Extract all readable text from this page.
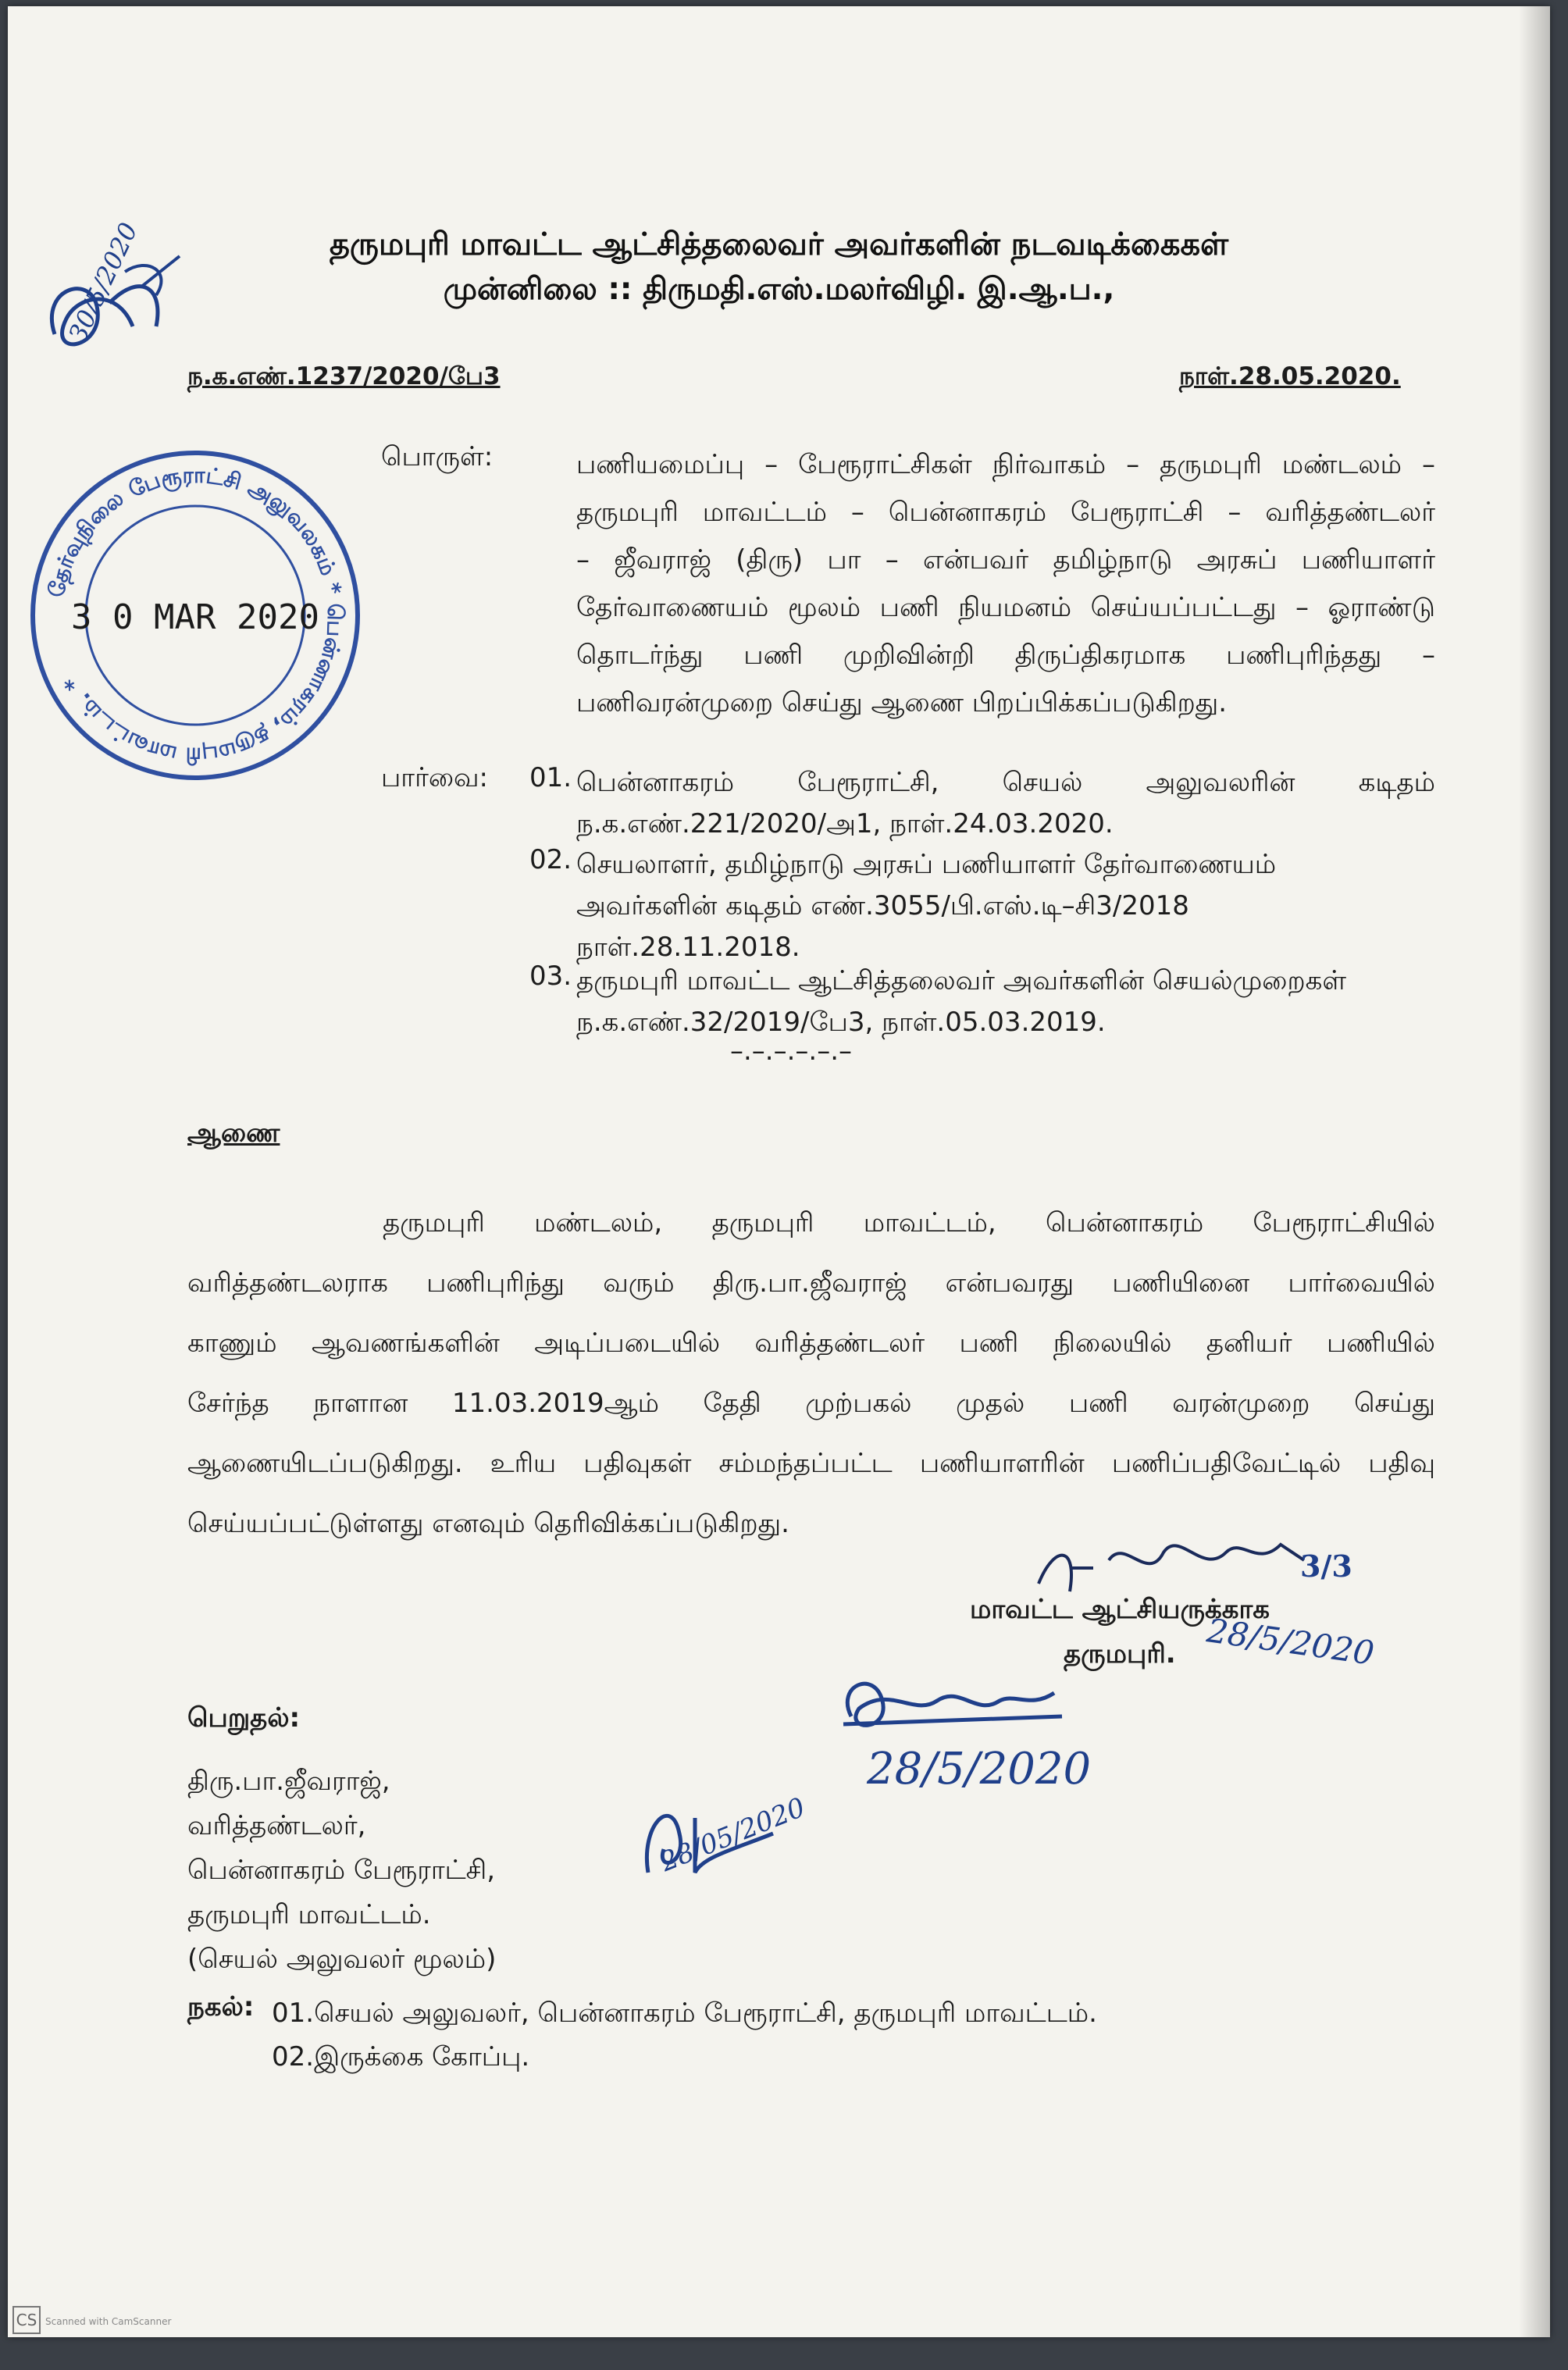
தருமபுரி மாவட்ட ஆட்சித்தலைவர் அவர்களின் நடவடிக்கைகள்
முன்னிலை :: திருமதி.எஸ்.மலர்விழி. இ.ஆ.ப.,
30/5/2020
ந.க.எண்.1237/2020/பே3	நாள்.28.05.2020.
தேர்வுநிலை பேரூராட்சி அலுவலகம் * பென்னாகரம், தருமபுரி மாவட்டம். *
3 0 MAR 2020
பொருள்:	பணியமைப்பு – பேரூராட்சிகள் நிர்வாகம் – தருமபுரி மண்டலம் –
தருமபுரி மாவட்டம் – பென்னாகரம் பேரூராட்சி – வரித்தண்டலர்
– ஜீவராஜ் (திரு) பா – என்பவர் தமிழ்நாடு அரசுப் பணியாளர்
தேர்வாணையம் மூலம் பணி நியமனம் செய்யப்பட்டது – ஓராண்டு
தொடர்ந்து பணி முறிவின்றி திருப்திகரமாக பணிபுரிந்தது –
பணிவரன்முறை செய்து ஆணை பிறப்பிக்கப்படுகிறது.
பார்வை: 01. பென்னாகரம் பேரூராட்சி, செயல் அலுவலரின் கடிதம்
ந.க.எண்.221/2020/அ1, நாள்.24.03.2020.
02. செயலாளர், தமிழ்நாடு அரசுப் பணியாளர் தேர்வாணையம்
அவர்களின் கடிதம் எண்.3055/பி.எஸ்.டி–சி3/2018
நாள்.28.11.2018.
03. தருமபுரி மாவட்ட ஆட்சித்தலைவர் அவர்களின் செயல்முறைகள்
ந.க.எண்.32/2019/பே3, நாள்.05.03.2019.
–.–.–.–.–.–
ஆணை
தருமபுரி மண்டலம், தருமபுரி மாவட்டம், பென்னாகரம் பேரூராட்சியில்
வரித்தண்டலராக பணிபுரிந்து வரும் திரு.பா.ஜீவராஜ் என்பவரது பணியினை பார்வையில்
காணும் ஆவணங்களின் அடிப்படையில் வரித்தண்டலர் பணி நிலையில் தனியர் பணியில்
சேர்ந்த நாளான 11.03.2019ஆம் தேதி முற்பகல் முதல் பணி வரன்முறை செய்து
ஆணையிடப்படுகிறது. உரிய பதிவுகள் சம்மந்தப்பட்ட பணியாளரின் பணிப்பதிவேட்டில் பதிவு
செய்யப்பட்டுள்ளது எனவும் தெரிவிக்கப்படுகிறது.
3/3
மாவட்ட ஆட்சியருக்காக
தருமபுரி. 28/5/2020
28/5/2020
பெறுதல்:
திரு.பா.ஜீவராஜ்,
வரித்தண்டலர்,
பென்னாகரம் பேரூராட்சி,
தருமபுரி மாவட்டம்.
(செயல் அலுவலர் மூலம்)
28/05/2020
நகல்: 01.செயல் அலுவலர், பென்னாகரம் பேரூராட்சி, தருமபுரி மாவட்டம்.
02.இருக்கை கோப்பு.
CS Scanned with CamScanner
